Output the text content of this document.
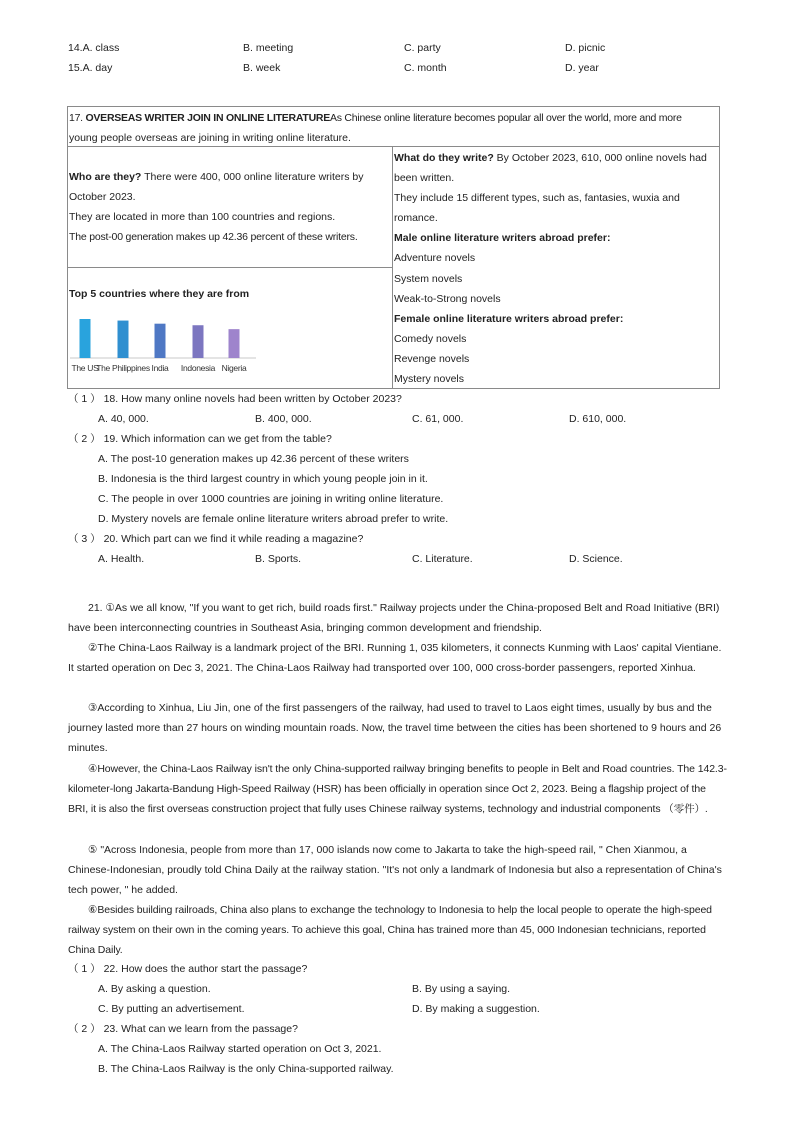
14.A. class	B. meeting	C. party	D. picnic
15.A. day	B. week	C. month	D. year
17. OVERSEAS WRITER JOIN IN ONLINE LITERATUREAs Chinese online literature becomes popular all over the world, more and more
young people overseas are joining in writing online literature.
Who are they? There were 400, 000 online literature writers by
October 2023.
They are located in more than 100 countries and regions.
The post-00 generation makes up 42.36 percent of these writers.
Top 5 countries where they are from
The US
The Philippines India Indonesia Nigeria
What do they write? By October 2023, 610, 000 online novels had
been written.
They include 15 different types, such as, fantasies, wuxia and
romance.
Male online literature writers abroad prefer:
Adventure novels
System novels
Weak-to-Strong novels
Female online literature writers abroad prefer:
Comedy novels
Revenge novels
Mystery novels
（ 1 ） 18. How many online novels had been written by October 2023?
A. 40, 000.	B. 400, 000.	C. 61, 000.	D. 610, 000.
（ 2 ） 19. Which information can we get from the table?
A. The post-10 generation makes up 42.36 percent of these writers
B. Indonesia is the third largest country in which young people join in it.
C. The people in over 1000 countries are joining in writing online literature.
D. Mystery novels are female online literature writers abroad prefer to write.
（ 3 ） 20. Which part can we find it while reading a magazine?
A. Health.	B. Sports.	C. Literature.	D. Science.
21. ①As we all know, "If you want to get rich, build roads first." Railway projects under the China-proposed Belt and Road Initiative (BRI) have been interconnecting countries in Southeast Asia, bringing common development and friendship.
②The China-Laos Railway is a landmark project of the BRI. Running 1, 035 kilometers, it connects Kunming with Laos' capital Vientiane. It started operation on Dec 3, 2021. The China-Laos Railway had transported over 100, 000 cross-border passengers, reported Xinhua.
③According to Xinhua, Liu Jin, one of the first passengers of the railway, had used to travel to Laos eight times, usually by bus and the journey lasted more than 27 hours on winding mountain roads. Now, the travel time between the cities has been shortened to 9 hours and 26 minutes.
④However, the China-Laos Railway isn't the only China-supported railway bringing benefits to people in Belt and Road countries. The 142.3-kilometer-long Jakarta-Bandung High-Speed Railway (HSR) has been officially in operation since Oct 2, 2023. Being a flagship project of the BRI, it is also the first overseas construction project that fully uses Chinese railway systems, technology and industrial components （零件）.
⑤ "Across Indonesia, people from more than 17, 000 islands now come to Jakarta to take the high-speed rail, " Chen Xianmou, a Chinese-Indonesian, proudly told China Daily at the railway station. "It's not only a landmark of Indonesia but also a representation of China's tech power, " he added.
⑥Besides building railroads, China also plans to exchange the technology to Indonesia to help the local people to operate the high-speed railway system on their own in the coming years. To achieve this goal, China has trained more than 45, 000 Indonesian technicians, reported China Daily.
（ 1 ） 22. How does the author start the passage?
A. By asking a question.	B. By using a saying.
C. By putting an advertisement.	D. By making a suggestion.
（ 2 ） 23. What can we learn from the passage?
A. The China-Laos Railway started operation on Oct 3, 2021.
B. The China-Laos Railway is the only China-supported railway.
